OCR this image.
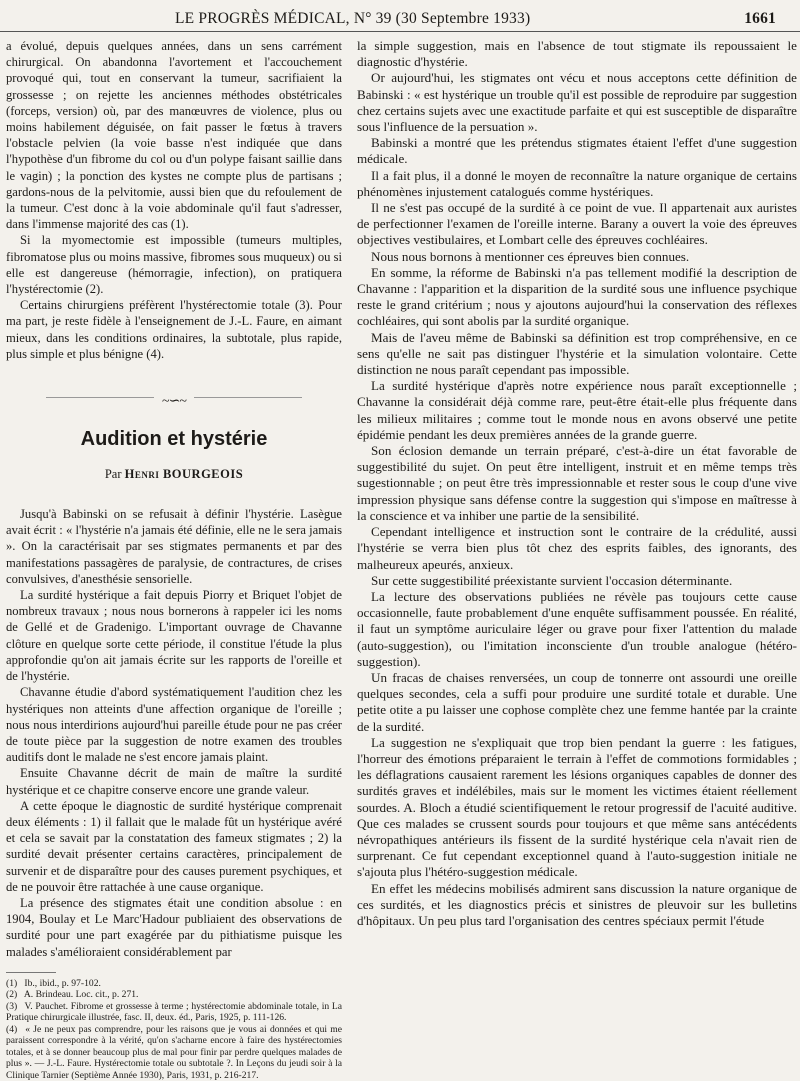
LE PROGRÈS MÉDICAL, N° 39 (30 Septembre 1933)	1661

a évolué, depuis quelques années, dans un sens carrément chirurgical. On abandonna l'avortement et l'accouchement provoqué qui, tout en conservant la tumeur, sacrifiaient la grossesse ; on rejette les anciennes méthodes obstétricales (forceps, version) où, par des manœuvres de violence, plus ou moins habilement déguisée, on fait passer le fœtus à travers l'obstacle pelvien (la voie basse n'est indiquée que dans l'hypothèse d'un fibrome du col ou d'un polype faisant saillie dans le vagin) ; la ponction des kystes ne compte plus de partisans ; gardons-nous de la pelvitomie, aussi bien que du refoulement de la tumeur. C'est donc à la voie abdominale qu'il faut s'adresser, dans l'immense majorité des cas (1).

Si la myomectomie est impossible (tumeurs multiples, fibromatose plus ou moins massive, fibromes sous muqueux) ou si elle est dangereuse (hémorragie, infection), on pratiquera l'hystérectomie (2).

Certains chirurgiens préfèrent l'hystérectomie totale (3). Pour ma part, je reste fidèle à l'enseignement de J.-L. Faure, en aimant mieux, dans les conditions ordinaires, la subtotale, plus rapide, plus simple et plus bénigne (4).

~∽~
Audition et hystérie
Par Henri BOURGEOIS

Jusqu'à Babinski on se refusait à définir l'hystérie. Lasègue avait écrit : « l'hystérie n'a jamais été définie, elle ne le sera jamais ». On la caractérisait par ses stigmates permanents et par des manifestations passagères de paralysie, de contractures, de crises convulsives, d'anesthésie sensorielle.

La surdité hystérique a fait depuis Piorry et Briquet l'objet de nombreux travaux ; nous nous bornerons à rappeler ici les noms de Gellé et de Gradenigo. L'important ouvrage de Chavanne clôture en quelque sorte cette période, il constitue l'étude la plus approfondie qu'on ait jamais écrite sur les rapports de l'oreille et de l'hystérie.

Chavanne étudie d'abord systématiquement l'audition chez les hystériques non atteints d'une affection organique de l'oreille ; nous nous interdirions aujourd'hui pareille étude pour ne pas créer de toute pièce par la suggestion de notre examen des troubles auditifs dont le malade ne s'est encore jamais plaint.

Ensuite Chavanne décrit de main de maître la surdité hystérique et ce chapitre conserve encore une grande valeur.

A cette époque le diagnostic de surdité hystérique comprenait deux éléments : 1) il fallait que le malade fût un hystérique avéré et cela se savait par la constatation des fameux stigmates ; 2) la surdité devait présenter certains caractères, principalement de survenir et de disparaître pour des causes purement psychiques, et de ne pouvoir être rattachée à une cause organique.

La présence des stigmates était une condition absolue : en 1904, Boulay et Le Marc'Hadour publiaient des observations de surdité pour une part exagérée par du pithiatisme puisque les malades s'amélioraient considérablement par

(1) Ib., ibid., p. 97-102.

(2) A. Brindeau. Loc. cit., p. 271.

(3) V. Pauchet. Fibrome et grossesse à terme ; hystérectomie abdominale totale, in La Pratique chirurgicale illustrée, fasc. II, deux. éd., Paris, 1925, p. 111-126.

(4) « Je ne peux pas comprendre, pour les raisons que je vous ai données et qui me paraissent correspondre à la vérité, qu'on s'acharne encore à faire des hystérectomies totales, et à se donner beaucoup plus de mal pour finir par perdre quelques malades de plus ». — J.-L. Faure. Hystérectomie totale ou subtotale ?. In Leçons du jeudi soir à la Clinique Tarnier (Septième Année 1930), Paris, 1931, p. 216-217.

la simple suggestion, mais en l'absence de tout stigmate ils repoussaient le diagnostic d'hystérie.

Or aujourd'hui, les stigmates ont vécu et nous acceptons cette définition de Babinski : « est hystérique un trouble qu'il est possible de reproduire par suggestion chez certains sujets avec une exactitude parfaite et qui est susceptible de disparaître sous l'influence de la persuation ».

Babinski a montré que les prétendus stigmates étaient l'effet d'une suggestion médicale.

Il a fait plus, il a donné le moyen de reconnaître la nature organique de certains phénomènes injustement catalogués comme hystériques.

Il ne s'est pas occupé de la surdité à ce point de vue. Il appartenait aux auristes de perfectionner l'examen de l'oreille interne. Barany a ouvert la voie des épreuves objectives vestibulaires, et Lombart celle des épreuves cochléaires.

Nous nous bornons à mentionner ces épreuves bien connues.

En somme, la réforme de Babinski n'a pas tellement modifié la description de Chavanne : l'apparition et la disparition de la surdité sous une influence psychique reste le grand critérium ; nous y ajoutons aujourd'hui la conservation des réflexes cochléaires, qui sont abolis par la surdité organique.

Mais de l'aveu même de Babinski sa définition est trop compréhensive, en ce sens qu'elle ne sait pas distinguer l'hystérie et la simulation volontaire. Cette distinction ne nous paraît cependant pas impossible.

La surdité hystérique d'après notre expérience nous paraît exceptionnelle ; Chavanne la considérait déjà comme rare, peut-être était-elle plus fréquente dans les milieux militaires ; comme tout le monde nous en avons observé une petite épidémie pendant les deux premières années de la grande guerre.

Son éclosion demande un terrain préparé, c'est-à-dire un état favorable de suggestibilité du sujet. On peut être intelligent, instruit et en même temps très sugestionnable ; on peut être très impressionnable et rester sous le coup d'une vive impression physique sans défense contre la suggestion qui s'impose en maîtresse à la conscience et va inhiber une partie de la sensibilité.

Cependant intelligence et instruction sont le contraire de la crédulité, aussi l'hystérie se verra bien plus tôt chez des esprits faibles, des ignorants, des malheureux apeurés, anxieux.

Sur cette suggestibilité préexistante survient l'occasion déterminante.

La lecture des observations publiées ne révèle pas toujours cette cause occasionnelle, faute probablement d'une enquête suffisamment poussée. En réalité, il faut un symptôme auriculaire léger ou grave pour fixer l'attention du malade (auto-suggestion), ou l'imitation inconsciente d'un trouble analogue (hétéro-suggestion).

Un fracas de chaises renversées, un coup de tonnerre ont assourdi une oreille quelques secondes, cela a suffi pour produire une surdité totale et durable. Une petite otite a pu laisser une cophose complète chez une femme hantée par la crainte de la surdité.

La suggestion ne s'expliquait que trop bien pendant la guerre : les fatigues, l'horreur des émotions préparaient le terrain à l'effet de commotions formidables ; les déflagrations causaient rarement les lésions organiques capables de donner des surdités graves et indélébiles, mais sur le moment les victimes étaient réellement sourdes. A. Bloch a étudié scientifiquement le retour progressif de l'acuité auditive. Que ces malades se crussent sourds pour toujours et que même sans antécédents névropathiques antérieurs ils fissent de la surdité hystérique cela n'avait rien de surprenant. Ce fut cependant exceptionnel quand à l'auto-suggestion initiale ne s'ajouta plus l'hétéro-suggestion médicale.

En effet les médecins mobilisés admirent sans discussion la nature organique de ces surdités, et les diagnostics précis et sinistres de pleuvoir sur les bulletins d'hôpitaux. Un peu plus tard l'organisation des centres spéciaux permit l'étude
